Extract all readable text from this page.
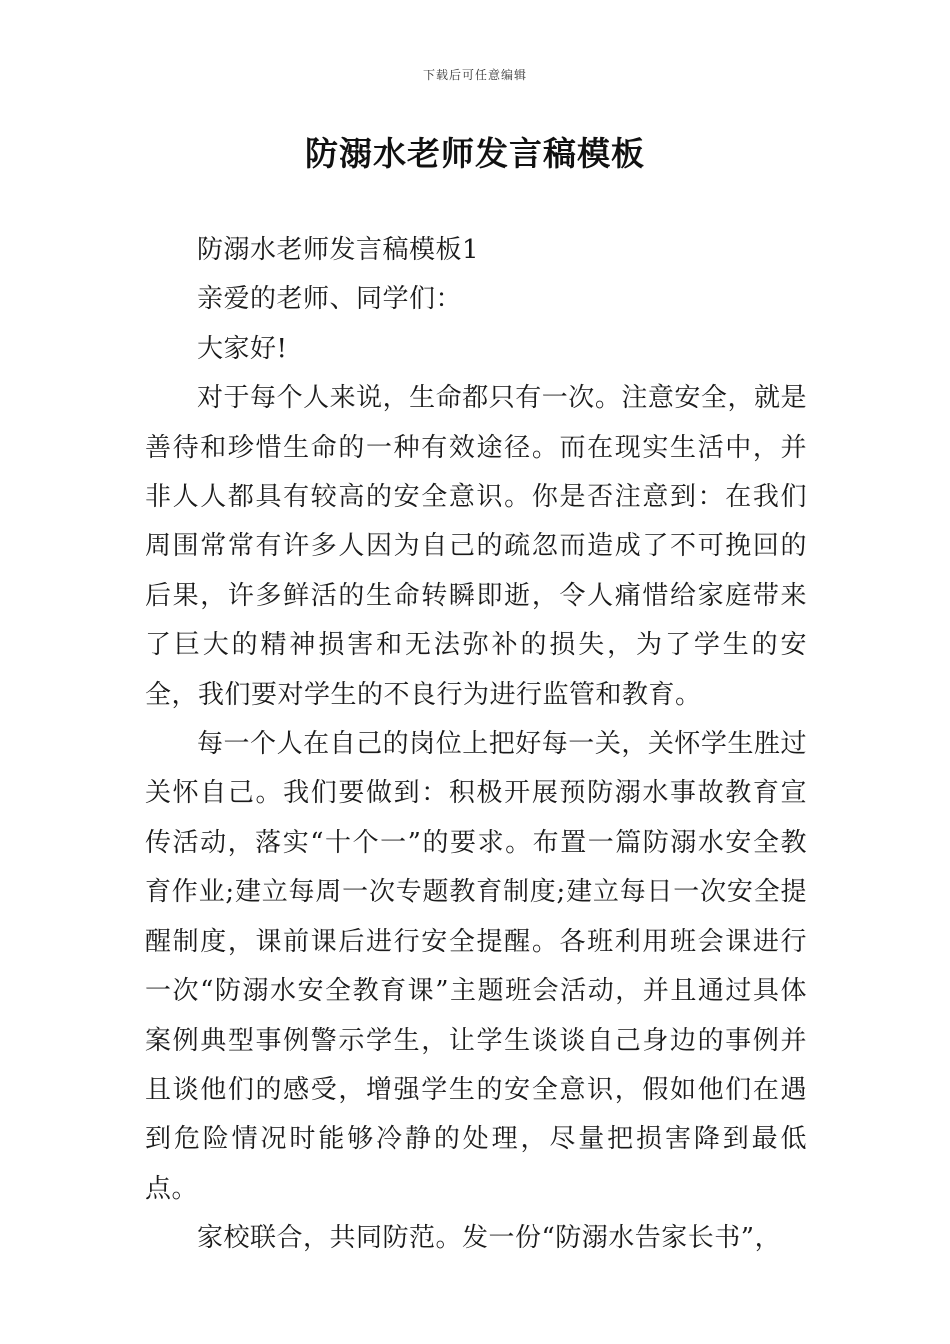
下载后可任意编辑
防溺水老师发言稿模板

防溺水老师发言稿模板1

亲爱的老师、同学们：

大家好!

对于每个人来说，生命都只有一次。注意安全，就是善待和珍惜生命的一种有效途径。而在现实生活中，并非人人都具有较高的安全意识。你是否注意到：在我们周围常常有许多人因为自己的疏忽而造成了不可挽回的后果，许多鲜活的生命转瞬即逝，令人痛惜给家庭带来了巨大的精神损害和无法弥补的损失，为了学生的安全，我们要对学生的不良行为进行监管和教育。

每一个人在自己的岗位上把好每一关，关怀学生胜过关怀自己。我们要做到：积极开展预防溺水事故教育宣传活动，落实“十个一”的要求。布置一篇防溺水安全教育作业;建立每周一次专题教育制度;建立每日一次安全提醒制度，课前课后进行安全提醒。各班利用班会课进行一次“防溺水安全教育课”主题班会活动，并且通过具体案例典型事例警示学生，让学生谈谈自己身边的事例并且谈他们的感受，增强学生的安全意识，假如他们在遇到危险情况时能够冷静的处理，尽量把损害降到最低点。

家校联合，共同防范。发一份“防溺水告家长书”，
